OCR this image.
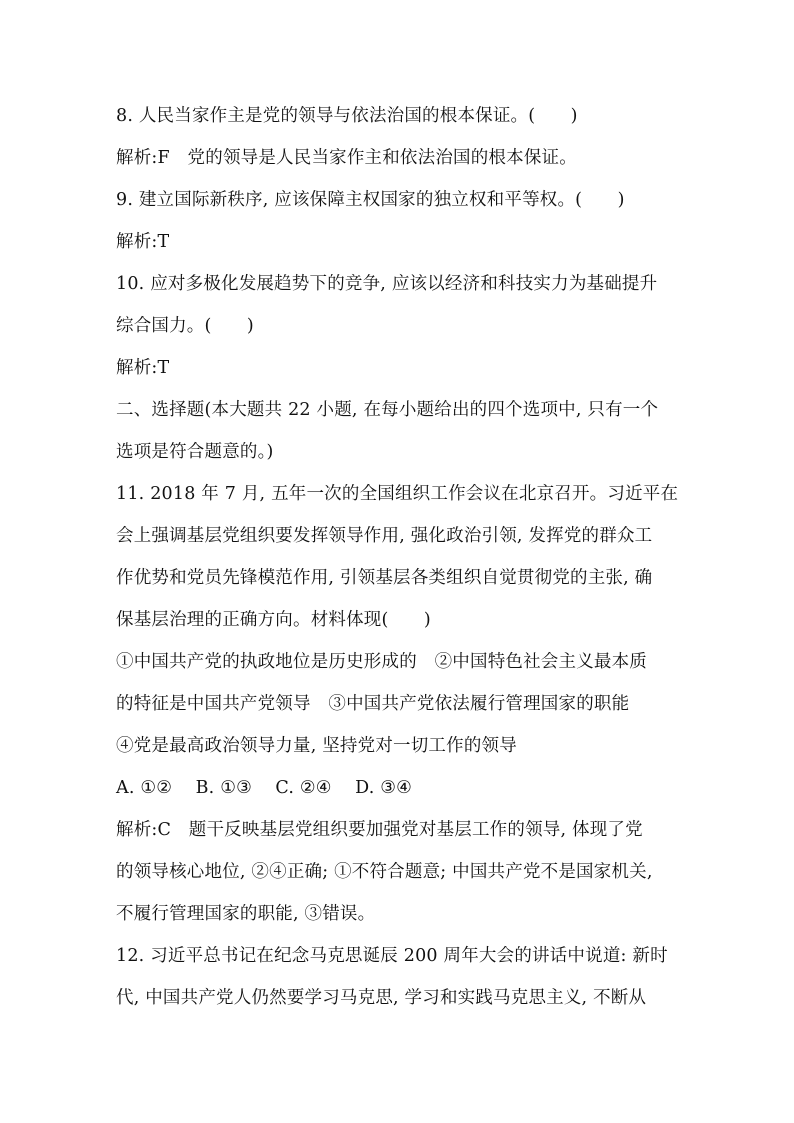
8. 人民当家作主是党的领导与依法治国的根本保证。(　　)
解析:F　党的领导是人民当家作主和依法治国的根本保证。
9. 建立国际新秩序, 应该保障主权国家的独立权和平等权。(　　)
解析:T
10. 应对多极化发展趋势下的竞争, 应该以经济和科技实力为基础提升
综合国力。(　　)
解析:T
二、选择题(本大题共 22 小题, 在每小题给出的四个选项中, 只有一个
选项是符合题意的。)
11. 2018 年 7 月, 五年一次的全国组织工作会议在北京召开。习近平在
会上强调基层党组织要发挥领导作用, 强化政治引领, 发挥党的群众工
作优势和党员先锋模范作用, 引领基层各类组织自觉贯彻党的主张, 确
保基层治理的正确方向。材料体现(　　)
①中国共产党的执政地位是历史形成的　②中国特色社会主义最本质
的特征是中国共产党领导　③中国共产党依法履行管理国家的职能
④党是最高政治领导力量, 坚持党对一切工作的领导
A. ①②　 B. ①③　 C. ②④　 D. ③④
解析:C　题干反映基层党组织要加强党对基层工作的领导, 体现了党
的领导核心地位, ②④正确; ①不符合题意; 中国共产党不是国家机关,
不履行管理国家的职能, ③错误。
12. 习近平总书记在纪念马克思诞辰 200 周年大会的讲话中说道: 新时
代, 中国共产党人仍然要学习马克思, 学习和实践马克思主义, 不断从
